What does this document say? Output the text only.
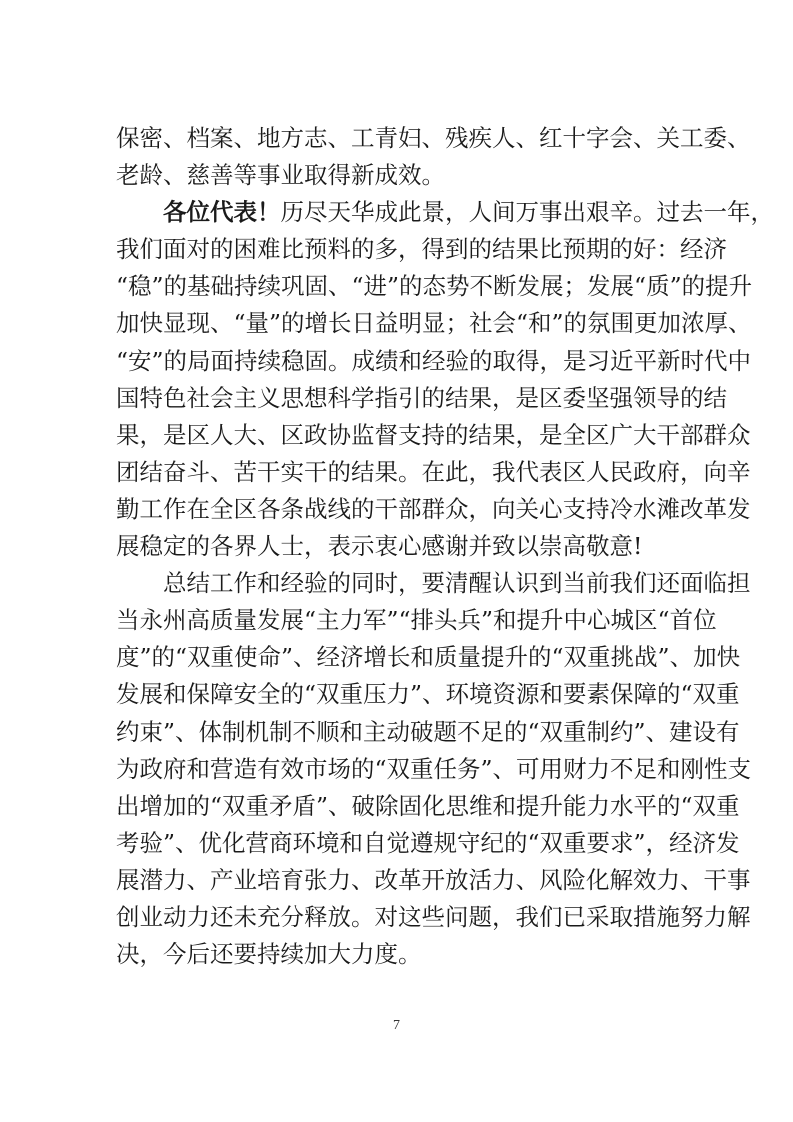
保密、档案、地方志、工青妇、残疾人、红十字会、关工委、
老龄、慈善等事业取得新成效。
各位代表！历尽天华成此景，人间万事出艰辛。过去一年，
我们面对的困难比预料的多，得到的结果比预期的好：经济
“稳”的基础持续巩固、“进”的态势不断发展；发展“质”的提升
加快显现、“量”的增长日益明显；社会“和”的氛围更加浓厚、
“安”的局面持续稳固。成绩和经验的取得，是习近平新时代中
国特色社会主义思想科学指引的结果，是区委坚强领导的结
果，是区人大、区政协监督支持的结果，是全区广大干部群众
团结奋斗、苦干实干的结果。在此，我代表区人民政府，向辛
勤工作在全区各条战线的干部群众，向关心支持冷水滩改革发
展稳定的各界人士，表示衷心感谢并致以崇高敬意!
总结工作和经验的同时，要清醒认识到当前我们还面临担
当永州高质量发展“主力军”“排头兵”和提升中心城区“首位
度”的“双重使命”、经济增长和质量提升的“双重挑战”、加快
发展和保障安全的“双重压力”、环境资源和要素保障的“双重
约束”、体制机制不顺和主动破题不足的“双重制约”、建设有
为政府和营造有效市场的“双重任务”、可用财力不足和刚性支
出增加的“双重矛盾”、破除固化思维和提升能力水平的“双重
考验”、优化营商环境和自觉遵规守纪的“双重要求”，经济发
展潜力、产业培育张力、改革开放活力、风险化解效力、干事
创业动力还未充分释放。对这些问题，我们已采取措施努力解
决，今后还要持续加大力度。
7
